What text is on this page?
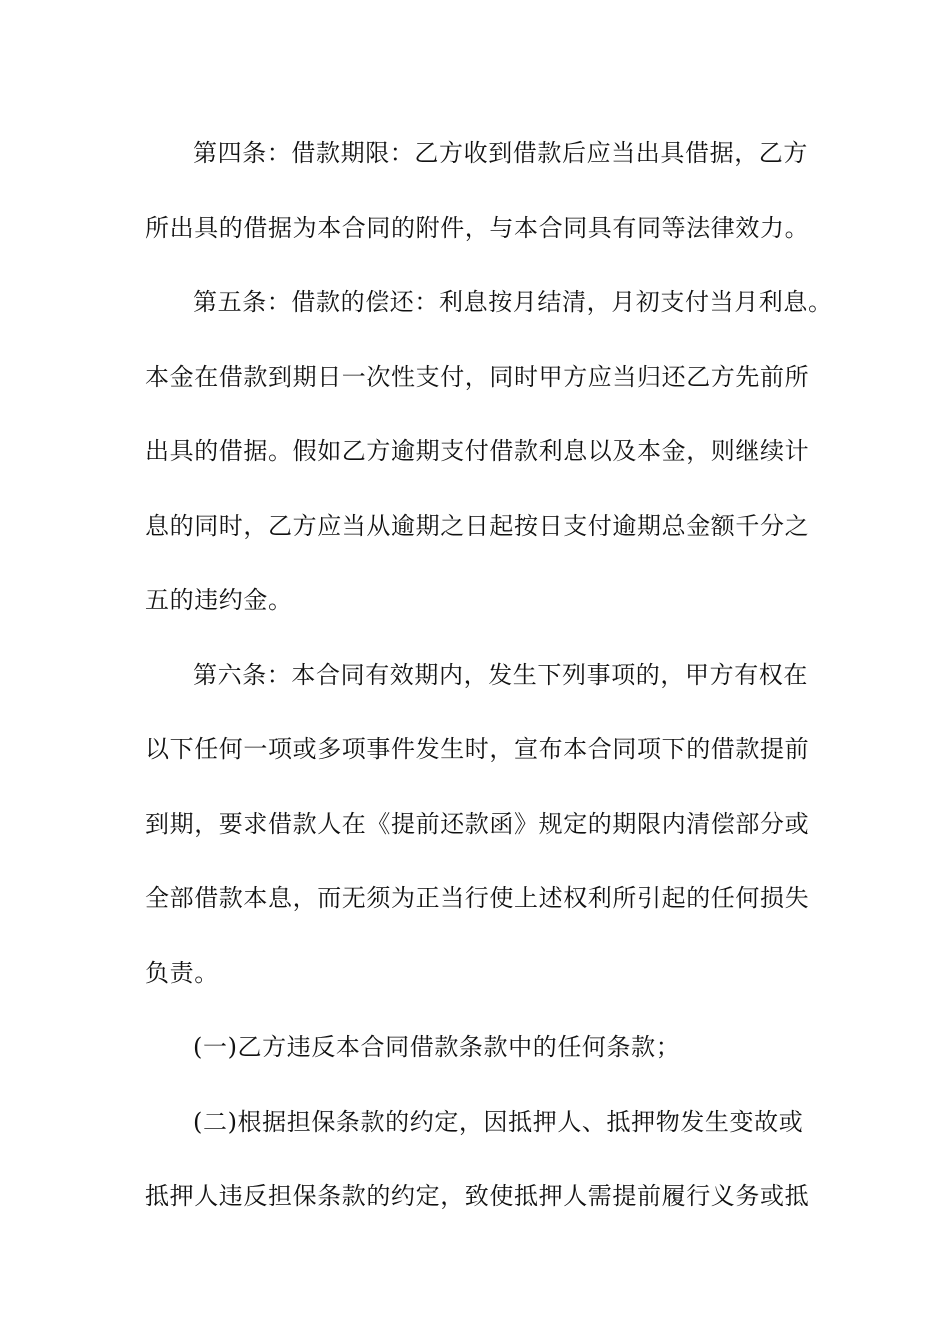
第四条：借款期限：乙方收到借款后应当出具借据，乙方
所出具的借据为本合同的附件，与本合同具有同等法律效力。
第五条：借款的偿还：利息按月结清，月初支付当月利息。
本金在借款到期日一次性支付，同时甲方应当归还乙方先前所
出具的借据。假如乙方逾期支付借款利息以及本金，则继续计
息的同时，乙方应当从逾期之日起按日支付逾期总金额千分之
五的违约金。
第六条：本合同有效期内，发生下列事项的，甲方有权在
以下任何一项或多项事件发生时，宣布本合同项下的借款提前
到期，要求借款人在《提前还款函》规定的期限内清偿部分或
全部借款本息，而无须为正当行使上述权利所引起的任何损失
负责。
(一)乙方违反本合同借款条款中的任何条款；
(二)根据担保条款的约定，因抵押人、抵押物发生变故或
抵押人违反担保条款的约定，致使抵押人需提前履行义务或抵
